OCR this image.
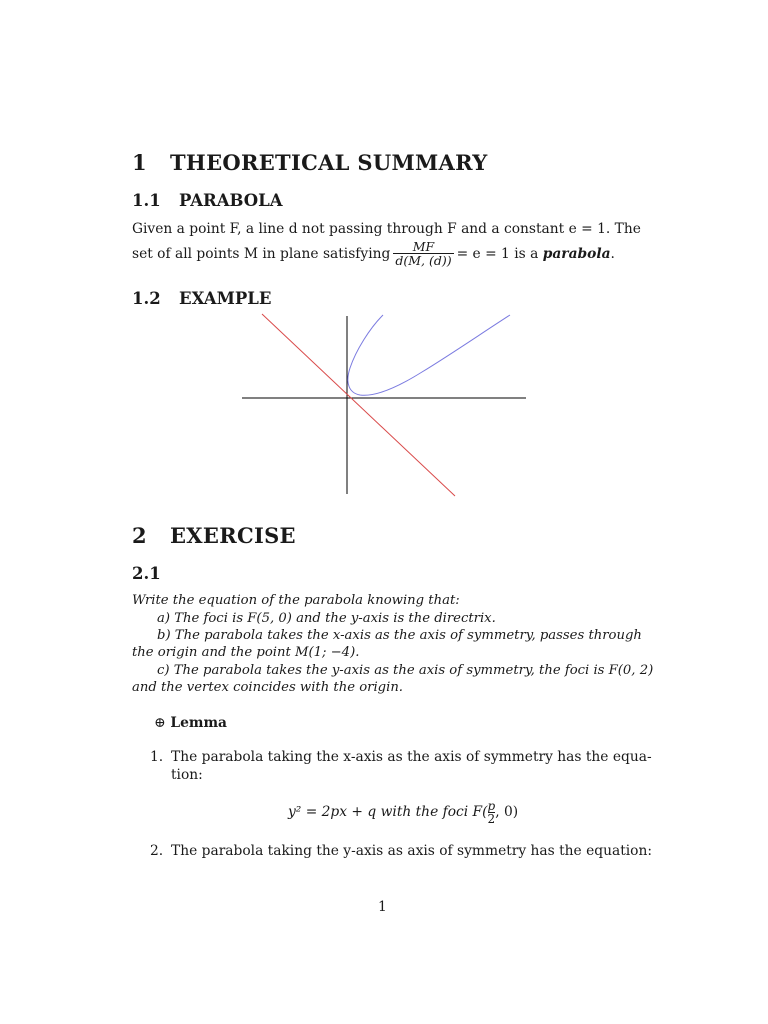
1 THEORETICAL SUMMARY
1.1 PARABOLA
Given a point F, a line d not passing through F and a constant e = 1. The
set of all points M in plane satisfying $\frac{MF}{d(M, (d))} = e = 1$ is a
parabola .
1.2 EXAMPLE
2 EXERCISE
2.1
Write the equation of the parabola knowing that:
a) The foci is F(5, 0) and the y-axis is the directrix.
b) The parabola takes the x-axis as the axis of symmetry, passes through
the origin and the point M(1; −4).
c) The parabola takes the y-axis as the axis of symmetry, the foci is F(0, 2)
and the vertex coincides with the origin.
⊕ Lemma
1. The parabola taking the x-axis as the axis of symmetry has the equa-
tion:
y² = 2px + q with the foci $F( \frac{p}{2}$ , 0)
2. The parabola taking the y-axis as axis of symmetry has the equation:
1
